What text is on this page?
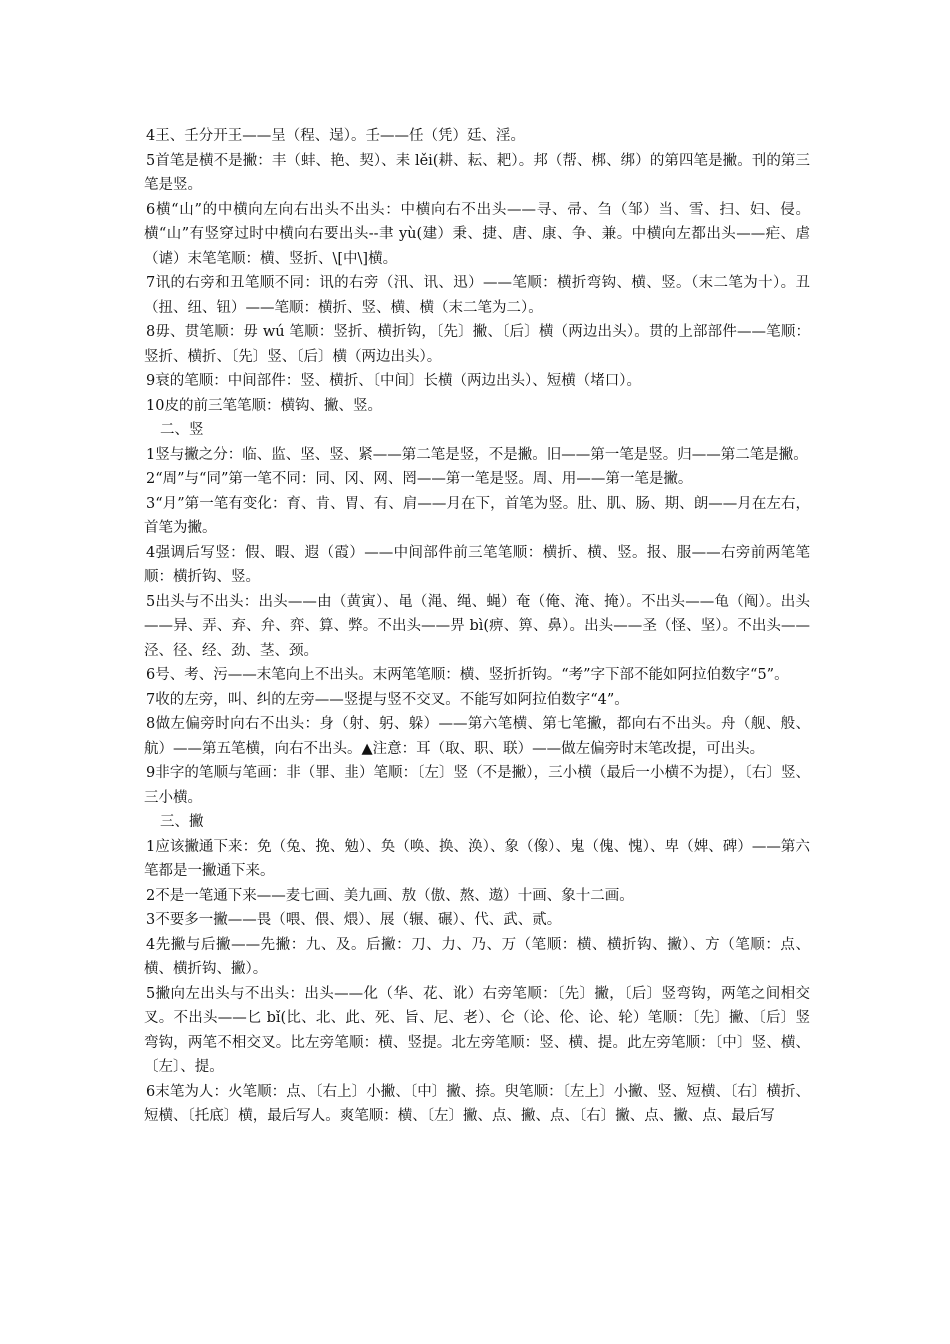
4王、壬分开王——呈（程、逞）。壬——任（凭）廷、淫。

5首笔是横不是撇：丰（蚌、艳、契）、耒 lěi(耕、耘、耙）。邦（帮、梆、绑）的第四笔是撇。刊的第三笔是竖。

6横“山”的中横向左向右出头不出头：中横向右不出头——寻、帚、刍（邹）当、雪、扫、妇、侵。横“山”有竖穿过时中横向右要出头--聿 yù(建）秉、捷、唐、康、争、兼。中横向左都出头——疟、虐（谑）末笔笔顺：横、竖折、\[中\]横。

7讯的右旁和丑笔顺不同：讯的右旁（汛、讯、迅）——笔顺：横折弯钩、横、竖。（末二笔为十）。丑（扭、纽、钮）——笔顺：横折、竖、横、横（末二笔为二）。

8毋、贯笔顺：毋 wú 笔顺：竖折、横折钩，〔先〕撇、〔后〕横（两边出头）。贯的上部部件——笔顺：竖折、横折、〔先〕竖、〔后〕横（两边出头）。

9衰的笔顺：中间部件：竖、横折、〔中间〕长横（两边出头）、短横（堵口）。

10皮的前三笔笔顺：横钩、撇、竖。

二、竖

1竖与撇之分：临、监、坚、竖、紧——第二笔是竖，不是撇。旧——第一笔是竖。归——第二笔是撇。

2“周”与“同”第一笔不同：同、冈、网、罔——第一笔是竖。周、用——第一笔是撇。

3“月”第一笔有变化：育、肯、胃、有、肩——月在下，首笔为竖。肚、肌、肠、期、朗——月在左右，首笔为撇。

4强调后写竖：假、暇、遐（霞）——中间部件前三笔笔顺：横折、横、竖。报、服——右旁前两笔笔顺：横折钩、竖。

5出头与不出头：出头——由（黄寅）、黾（渑、绳、蝇）奄（俺、淹、掩）。不出头——龟（阄）。出头——异、弄、弃、弁、弈、算、弊。不出头——畀 bì(痹、箅、鼻）。出头——圣（怪、坚）。不出头——泾、径、经、劲、茎、颈。

6号、考、污——末笔向上不出头。末两笔笔顺：横、竖折折钩。“考”字下部不能如阿拉伯数字“5”。

7收的左旁，叫、纠的左旁——竖提与竖不交叉。不能写如阿拉伯数字“4”。

8做左偏旁时向右不出头：身（射、躬、躲）——第六笔横、第七笔撇，都向右不出头。舟（舰、般、航）——第五笔横，向右不出头。▲注意：耳（取、职、联）——做左偏旁时末笔改提，可出头。

9非字的笔顺与笔画：非（罪、韭）笔顺：〔左〕竖（不是撇），三小横（最后一小横不为提），〔右〕竖、三小横。

三、撇

1应该撇通下来：免（兔、挽、勉）、奂（唤、换、涣）、象（像）、鬼（傀、愧）、卑（婢、碑）——第六笔都是一撇通下来。

2不是一笔通下来——麦七画、美九画、敖（傲、熬、遨）十画、象十二画。

3不要多一撇——畏（喂、偎、煨）、展（辗、碾）、代、武、贰。

4先撇与后撇——先撇：九、及。后撇：刀、力、乃、万（笔顺：横、横折钩、撇）、方（笔顺：点、横、横折钩、撇）。

5撇向左出头与不出头：出头——化（华、花、讹）右旁笔顺：〔先〕撇，〔后〕竖弯钩，两笔之间相交叉。不出头——匕 bǐ(比、北、此、死、旨、尼、老）、仑（论、伦、论、轮）笔顺：〔先〕撇、〔后〕竖弯钩，两笔不相交叉。比左旁笔顺：横、竖提。北左旁笔顺：竖、横、提。此左旁笔顺：〔中〕竖、横、〔左〕、提。

6末笔为人：火笔顺：点、〔右上〕小撇、〔中〕撇、捺。臾笔顺：〔左上〕小撇、竖、短横、〔右〕横折、短横、〔托底〕横，最后写人。爽笔顺：横、〔左〕撇、点、撇、点、〔右〕撇、点、撇、点、最后写
